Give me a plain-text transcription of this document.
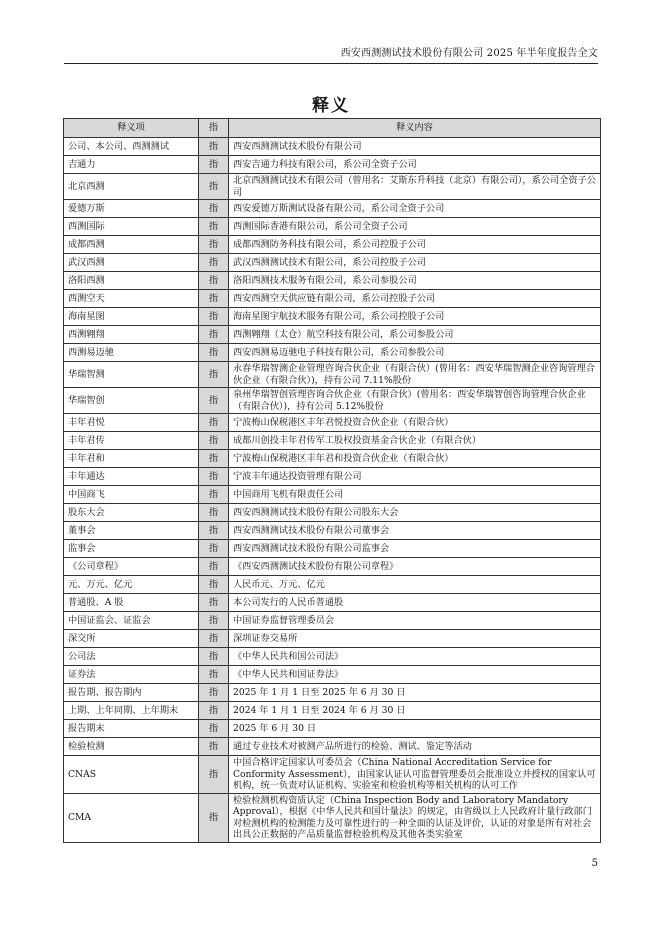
西安西测测试技术股份有限公司 2025 年半年度报告全文
释义
释义项	指	释义内容
公司、本公司、西测测试	指	西安西测测试技术股份有限公司
吉通力	指	西安吉通力科技有限公司，系公司全资子公司
北京西测	指	北京西测测试技术有限公司（曾用名：艾斯东升科技（北京）有限公司），系公司全资子公司
爱德万斯	指	西安爱德万斯测试设备有限公司，系公司全资子公司
西测国际	指	西测国际香港有限公司，系公司全资子公司
成都西测	指	成都西测防务科技有限公司，系公司控股子公司
武汉西测	指	武汉西测测试技术有限公司，系公司控股子公司
洛阳西测	指	洛阳西测技术服务有限公司，系公司参股公司
西测空天	指	西安西测空天供应链有限公司，系公司控股子公司
海南星图	指	海南星图宇航技术服务有限公司，系公司控股子公司
西测翱翔	指	西测翱翔（太仓）航空科技有限公司，系公司参股公司
西测易迈驰	指	西安西测易迈驰电子科技有限公司，系公司参股公司
华瑞智测	指	永春华瑞智测企业管理咨询合伙企业（有限合伙）(曾用名：西安华瑞智测企业咨询管理合伙企业（有限合伙）)，持有公司 7.11%股份
华瑞智创	指	泉州华瑞智创管理咨询合伙企业（有限合伙）(曾用名：西安华瑞智创咨询管理合伙企业（有限合伙）)，持有公司 5.12%股份
丰年君悦	指	宁波梅山保税港区丰年君悦投资合伙企业（有限合伙）
丰年君传	指	成都川创投丰年君传军工股权投资基金合伙企业（有限合伙）
丰年君和	指	宁波梅山保税港区丰年君和投资合伙企业（有限合伙）
丰年通达	指	宁波丰年通达投资管理有限公司
中国商飞	指	中国商用飞机有限责任公司
股东大会	指	西安西测测试技术股份有限公司股东大会
董事会	指	西安西测测试技术股份有限公司董事会
监事会	指	西安西测测试技术股份有限公司监事会
《公司章程》	指	《西安西测测试技术股份有限公司章程》
元、万元、亿元	指	人民币元、万元、亿元
普通股、A 股	指	本公司发行的人民币普通股
中国证监会、证监会	指	中国证券监督管理委员会
深交所	指	深圳证券交易所
公司法	指	《中华人民共和国公司法》
证券法	指	《中华人民共和国证券法》
报告期、报告期内	指	2025 年 1 月 1 日至 2025 年 6 月 30 日
上期、上年同期、上年期末	指	2024 年 1 月 1 日至 2024 年 6 月 30 日
报告期末	指	2025 年 6 月 30 日
检验检测	指	通过专业技术对被测产品所进行的检验、测试、鉴定等活动
CNAS	指	中国合格评定国家认可委员会（China National Accreditation Service for Conformity Assessment），由国家认证认可监督管理委员会批准设立并授权的国家认可机构，统一负责对认证机构、实验室和检验机构等相关机构的认可工作
CMA	指	检验检测机构资质认定（China Inspection Body and Laboratory Mandatory Approval），根据《中华人民共和国计量法》的规定，由省级以上人民政府计量行政部门对检测机构的检测能力及可靠性进行的一种全面的认证及评价，认证的对象是所有对社会出具公正数据的产品质量监督检验机构及其他各类实验室
5
